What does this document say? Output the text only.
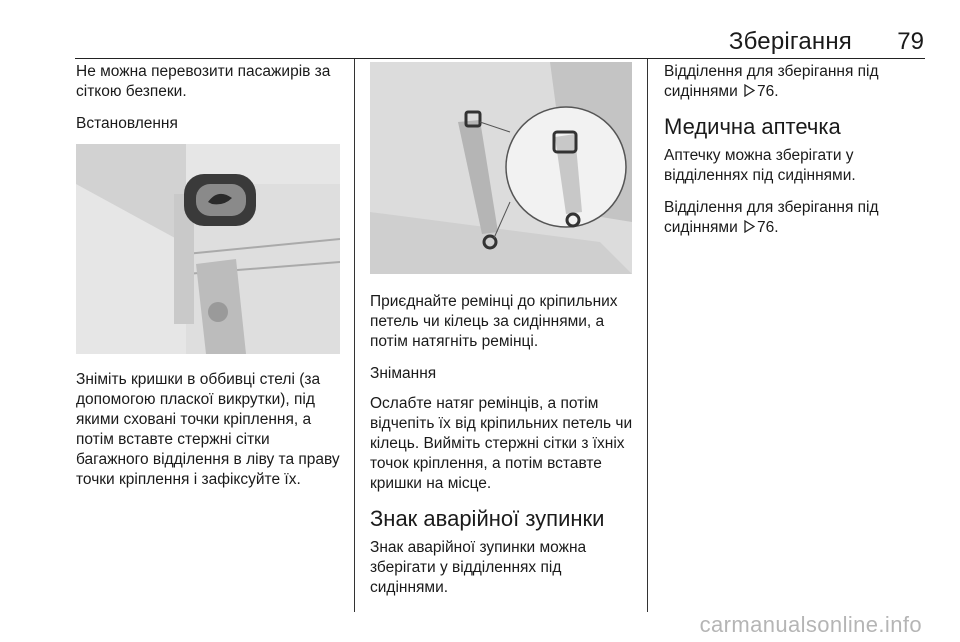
Зберігання 79

Не можна перевозити пасажирів за сіткою безпеки.

Встановлення

Зніміть кришки в оббивці стелі (за допомогою пласкої викрутки), під якими сховані точки кріплення, а потім вставте стержні сітки багажного відділення в ліву та праву точки кріплення і зафіксуйте їх.

Приєднайте ремінці до кріпильних петель чи кілець за сидіннями, а потім натягніть ремінці.

Знімання

Ослабте натяг ремінців, а потім відчепіть їх від кріпильних петель чи кілець. Вийміть стержні сітки з їхніх точок кріплення, а потім вставте кришки на місце.

Знак аварійної зупинки

Знак аварійної зупинки можна зберігати у відділеннях під сидіннями.

Відділення для зберігання під сидіннями 76.

Медична аптечка

Аптечку можна зберігати у відділеннях під сидіннями.

Відділення для зберігання під сидіннями 76.

carmanualsonline.info
